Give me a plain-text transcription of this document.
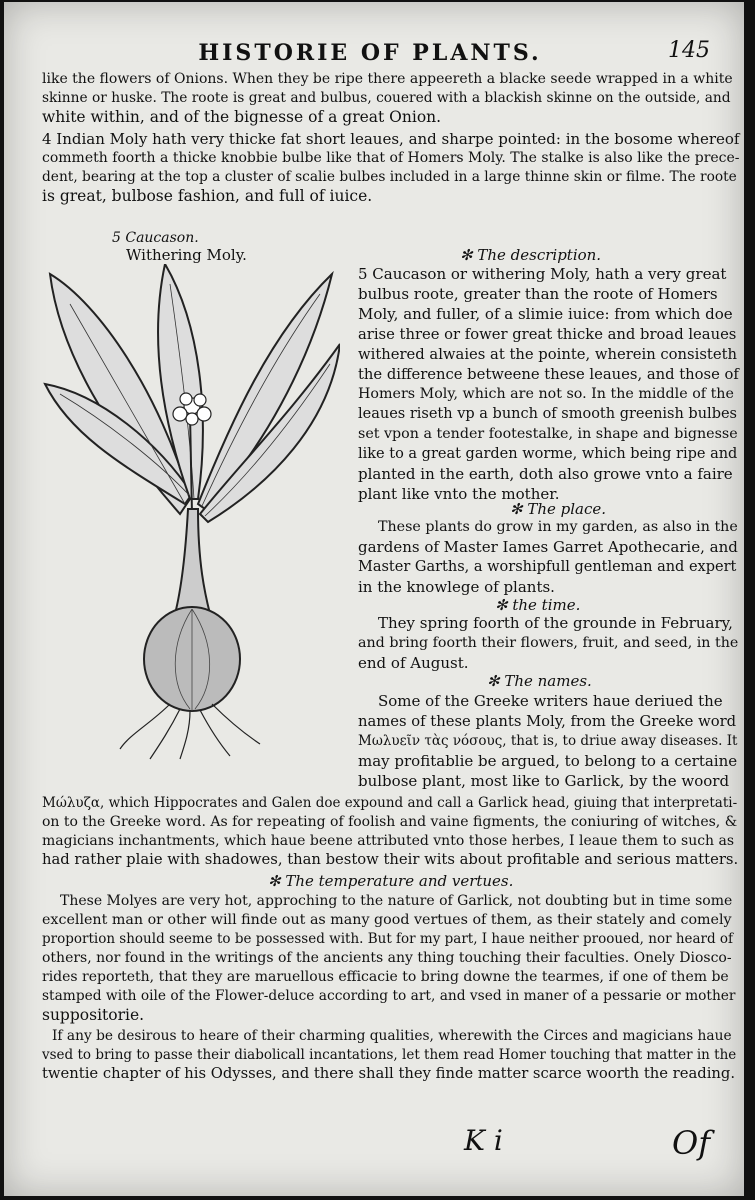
HISTORIE OF PLANTS.	145
like the flowers of Onions. When they be ripe there appeereth a blacke seede wrapped in a white
skinne or huske. The roote is great and bulbus, couered with a blackish skinne on the outside, and
white within, and of the bignesse of a great Onion.
4 Indian Moly hath very thicke fat short leaues, and sharpe pointed: in the bosome whereof
commeth foorth a thicke knobbie bulbe like that of Homers Moly. The stalke is also like the prece-
dent, bearing at the top a cluster of scalie bulbes included in a large thinne skin or filme. The roote
is great, bulbose fashion, and full of iuice.
5 Caucason.
Withering Moly.	✻ The description.
5 Caucason or withering Moly, hath a very great
bulbus roote, greater than the roote of Homers
Moly, and fuller, of a slimie iuice: from which doe
arise three or fower great thicke and broad leaues
withered alwaies at the pointe, wherein consisteth
the difference betweene these leaues, and those of
Homers Moly, which are not so. In the middle of the
leaues riseth vp a bunch of smooth greenish bulbes
set vpon a tender footestalke, in shape and bignesse
like to a great garden worme, which being ripe and
planted in the earth, doth also growe vnto a faire
plant like vnto the mother.
✻ The place.
These plants do grow in my garden, as also in the
gardens of Master Iames Garret Apothecarie, and
Master Garths, a worshipfull gentleman and expert
in the knowlege of plants.
✻ the time.
They spring foorth of the grounde in February,
and bring foorth their flowers, fruit, and seed, in the
end of August.
✻ The names.
Some of the Greeke writers haue deriued the
names of these plants Moly, from the Greeke word
Μωλυεῖν τὰς νόσους, that is, to driue away diseases. It
may profitablie be argued, to belong to a certaine
bulbose plant, most like to Garlick, by the woord
Μώλυζα, which Hippocrates and Galen doe expound and call a Garlick head, giuing that interpretati-
on to the Greeke word. As for repeating of foolish and vaine figments, the coniuring of witches, &
magicians inchantments, which haue beene attributed vnto those herbes, I leaue them to such as
had rather plaie with shadowes, than bestow their wits about profitable and serious matters.
✻ The temperature and vertues.
These Molyes are very hot, approching to the nature of Garlick, not doubting but in time some
excellent man or other will finde out as many good vertues of them, as their stately and comely
proportion should seeme to be possessed with. But for my part, I haue neither prooued, nor heard of
others, nor found in the writings of the ancients any thing touching their faculties. Onely Diosco-
rides reporteth, that they are maruellous efficacie to bring downe the tearmes, if one of them be
stamped with oile of the Flower-deluce according to art, and vsed in maner of a pessarie or mother
suppositorie.
If any be desirous to heare of their charming qualities, wherewith the Circes and magicians haue
vsed to bring to passe their diabolicall incantations, let them read Homer touching that matter in the
twentie chapter of his Odysses, and there shall they finde matter scarce woorth the reading.
K i	Of
